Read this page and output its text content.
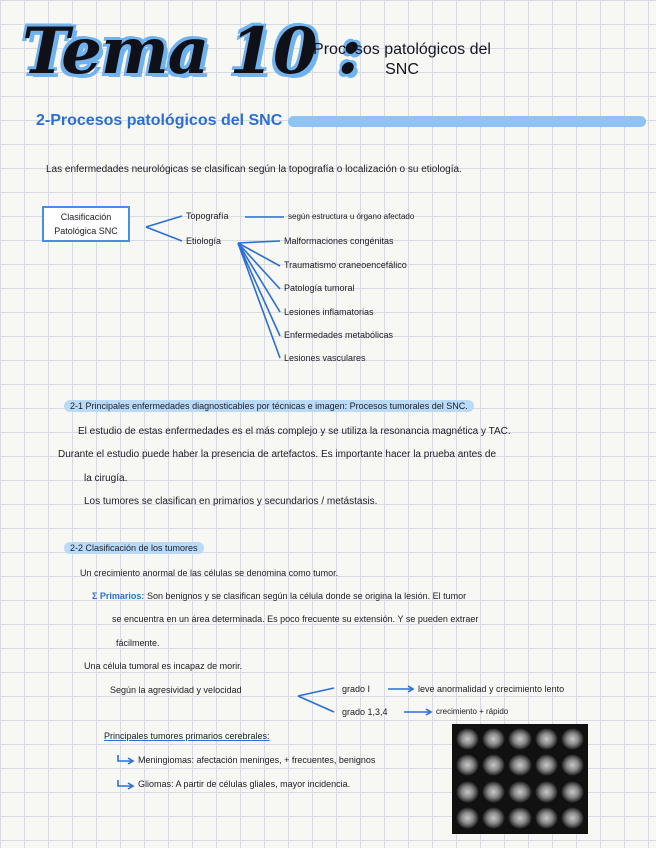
Tema 10 :
Procesos patológicos del
SNC
2-Procesos patológicos del SNC
Las enfermedades neurológicas se clasifican según la topografía o localización o su etiología.
Clasificación
Patológica SNC
Topografía	según estructura u órgano afectado
Etiología	Malformaciones congénitas
Traumatismo craneoencefálico
Patología tumoral
Lesiones inflamatorias
Enfermedades metabólicas
Lesiones vasculares
2-1 Principales enfermedades diagnosticables por técnicas e imagen: Procesos tumorales del SNC.
El estudio de estas enfermedades es el más complejo y se utiliza la resonancia magnética y TAC.
Durante el estudio puede haber la presencia de artefactos. Es importante hacer la prueba antes de
la cirugía.
Los tumores se clasifican en primarios y secundarios / metástasis.
2-2 Clasificación de los tumores
Un crecimiento anormal de las células se denomina como tumor.
Σ Primarios: Son benignos y se clasifican según la célula donde se origina la lesión. El tumor
se encuentra en un área determinada. Es poco frecuente su extensión. Y se pueden extraer
fácilmente.
Una célula tumoral es incapaz de morir.
Según la agresividad y velocidad	grado I	leve anormalidad y crecimiento lento
grado 1,3,4	crecimiento + rápido
Principales tumores primarios cerebrales:
Meningiomas: afectación meninges, + frecuentes, benignos
Gliomas: A partir de células gliales, mayor incidencia.
